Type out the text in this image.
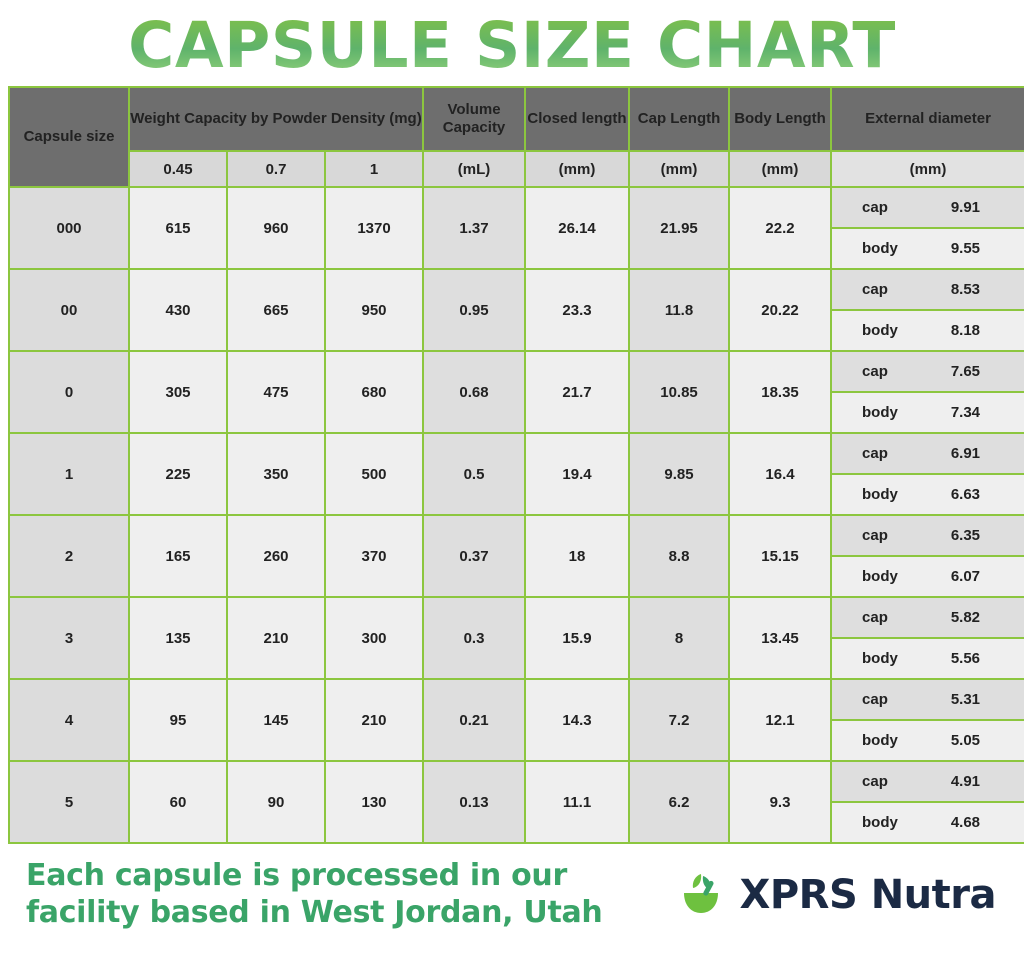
CAPSULE SIZE CHART
Capsule size	Weight Capacity by Powder Density (mg)			Volume Capacity	Closed length	Cap Length	Body Length	External diameter
	0.45	0.7	1	(mL)	(mm)	(mm)	(mm)	(mm)
000	615	960	1370	1.37	26.14	21.95	22.2	cap 9.91

								body 9.55

00	430	665	950	0.95	23.3	11.8	20.22	cap 8.53

								body 8.18

0	305	475	680	0.68	21.7	10.85	18.35	cap 7.65

								body 7.34

1	225	350	500	0.5	19.4	9.85	16.4	cap 6.91

								body 6.63

2	165	260	370	0.37	18	8.8	15.15	cap 6.35

								body 6.07

3	135	210	300	0.3	15.9	8	13.45	cap 5.82

								body 5.56

4	95	145	210	0.21	14.3	7.2	12.1	cap 5.31

								body 5.05

5	60	90	130	0.13	11.1	6.2	9.3	cap 4.91

								body 4.68
Each capsule is processed in our
facility based in West Jordan, Utah	XPRS Nutra
